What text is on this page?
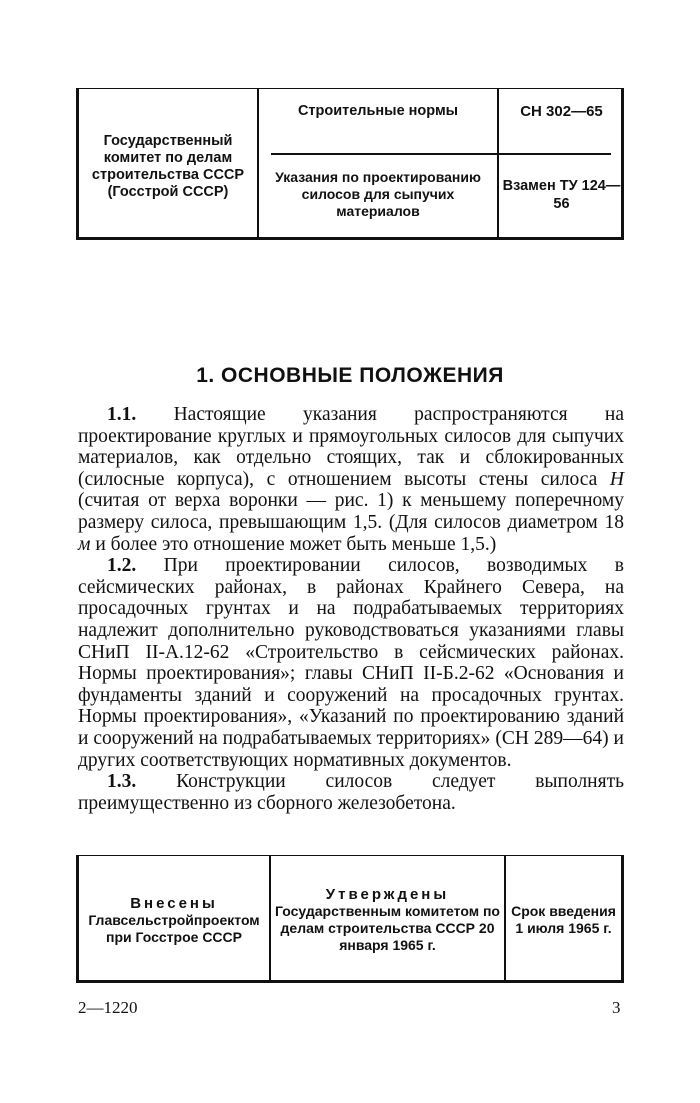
Государственный комитет по делам строительства СССР (Госстрой СССР)
Строительные нормы	СН 302—65
Указания по проектированию силосов для сыпучих материалов
Взамен ТУ 124—56
1. ОСНОВНЫЕ ПОЛОЖЕНИЯ

1.1. Настоящие указания распространяются на проектирование круглых и прямоугольных силосов для сыпучих материалов, как отдельно стоящих, так и сблокированных (силосные корпуса), с отношением высоты стены силоса Н (считая от верха воронки — рис. 1) к меньшему поперечному размеру силоса, превышающим 1,5. (Для силосов диаметром 18 м и более это отношение может быть меньше 1,5.)

1.2. При проектировании силосов, возводимых в сейсмических районах, в районах Крайнего Севера, на просадочных грунтах и на подрабатываемых территориях надлежит дополнительно руководствоваться указаниями главы СНиП II-А.12-62 «Строительство в сейсмических районах. Нормы проектирования»; главы СНиП II-Б.2-62 «Основания и фундаменты зданий и сооружений на просадочных грунтах. Нормы проектирования», «Указаний по проектированию зданий и сооружений на подрабатываемых территориях» (СН 289—64) и других соответствующих нормативных документов.

1.3. Конструкции силосов следует выполнять преимущественно из сборного железобетона.

Внесены
Главсельстройпроектом при Госстрое СССР
Утверждены
Государственным комитетом по делам строительства СССР 20 января 1965 г.
Срок введения
1 июля 1965 г.
2—1220	3
